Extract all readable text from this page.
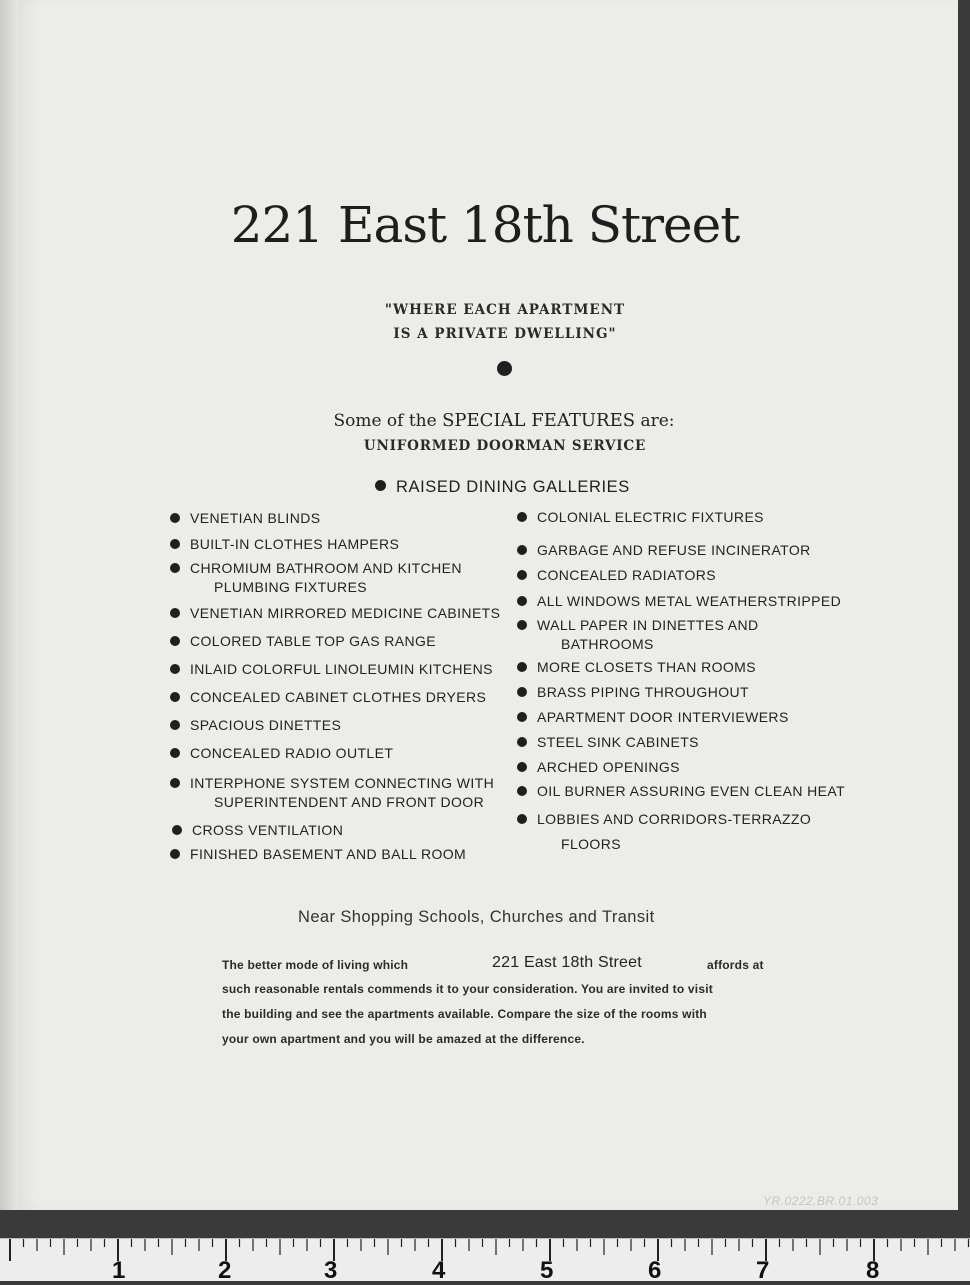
221 East 18th Street
"WHERE EACH APARTMENT
IS A PRIVATE DWELLING"
Some of the SPECIAL FEATURES are:
UNIFORMED DOORMAN SERVICE
RAISED DINING GALLERIES
VENETIAN BLINDS
BUILT-IN CLOTHES HAMPERS
CHROMIUM BATHROOM AND KITCHEN
PLUMBING FIXTURES
VENETIAN MIRRORED MEDICINE CABINETS
COLORED TABLE TOP GAS RANGE
INLAID COLORFUL LINOLEUMIN KITCHENS
CONCEALED CABINET CLOTHES DRYERS
SPACIOUS DINETTES
CONCEALED RADIO OUTLET
INTERPHONE SYSTEM CONNECTING WITH
SUPERINTENDENT AND FRONT DOOR
CROSS VENTILATION
FINISHED BASEMENT AND BALL ROOM
COLONIAL ELECTRIC FIXTURES
GARBAGE AND REFUSE INCINERATOR
CONCEALED RADIATORS
ALL WINDOWS METAL WEATHERSTRIPPED
WALL PAPER IN DINETTES AND
BATHROOMS
MORE CLOSETS THAN ROOMS
BRASS PIPING THROUGHOUT
APARTMENT DOOR INTERVIEWERS
STEEL SINK CABINETS
ARCHED OPENINGS
OIL BURNER ASSURING EVEN CLEAN HEAT
LOBBIES AND CORRIDORS-TERRAZZO
FLOORS
Near Shopping Schools, Churches and Transit
The better mode of living which	221 East 18th Street	affords at
such reasonable rentals commends it to your consideration. You are invited to visit
the building and see the apartments available. Compare the size of the rooms with
your own apartment and you will be amazed at the difference.
YR.0222.BR.01.003
1	2	3	4	5	6	7	8
